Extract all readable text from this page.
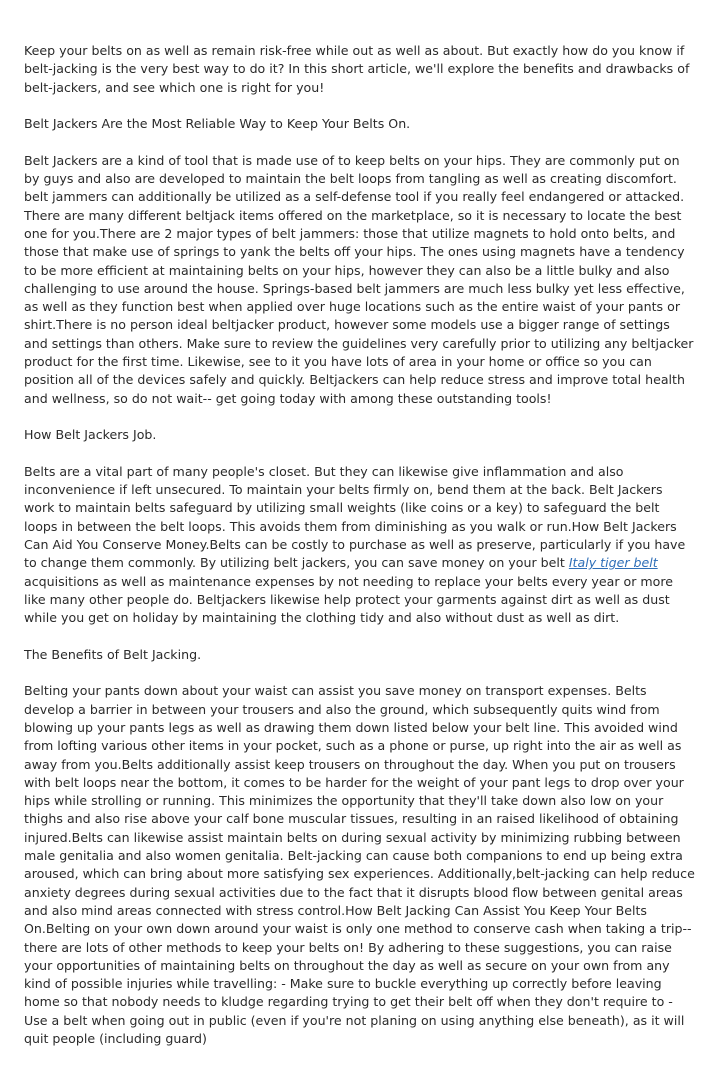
Keep your belts on as well as remain risk-free while out as well as about. But exactly how do you know if belt-jacking is the very best way to do it? In this short article, we'll explore the benefits and drawbacks of belt-jackers, and see which one is right for you!

Belt Jackers Are the Most Reliable Way to Keep Your Belts On.

Belt Jackers are a kind of tool that is made use of to keep belts on your hips. They are commonly put on by guys and also are developed to maintain the belt loops from tangling as well as creating discomfort. belt jammers can additionally be utilized as a self-defense tool if you really feel endangered or attacked. There are many different beltjack items offered on the marketplace, so it is necessary to locate the best one for you.There are 2 major types of belt jammers: those that utilize magnets to hold onto belts, and those that make use of springs to yank the belts off your hips. The ones using magnets have a tendency to be more efficient at maintaining belts on your hips, however they can also be a little bulky and also challenging to use around the house. Springs-based belt jammers are much less bulky yet less effective, as well as they function best when applied over huge locations such as the entire waist of your pants or shirt.There is no person ideal beltjacker product, however some models use a bigger range of settings and settings than others. Make sure to review the guidelines very carefully prior to utilizing any beltjacker product for the first time. Likewise, see to it you have lots of area in your home or office so you can position all of the devices safely and quickly. Beltjackers can help reduce stress and improve total health and wellness, so do not wait-- get going today with among these outstanding tools!

How Belt Jackers Job.

Belts are a vital part of many people's closet. But they can likewise give inflammation and also inconvenience if left unsecured. To maintain your belts firmly on, bend them at the back. Belt Jackers work to maintain belts safeguard by utilizing small weights (like coins or a key) to safeguard the belt loops in between the belt loops. This avoids them from diminishing as you walk or run.How Belt Jackers Can Aid You Conserve Money.Belts can be costly to purchase as well as preserve, particularly if you have to change them commonly. By utilizing belt jackers, you can save money on your belt Italy tiger belt acquisitions as well as maintenance expenses by not needing to replace your belts every year or more like many other people do. Beltjackers likewise help protect your garments against dirt as well as dust while you get on holiday by maintaining the clothing tidy and also without dust as well as dirt.

The Benefits of Belt Jacking.

Belting your pants down about your waist can assist you save money on transport expenses. Belts develop a barrier in between your trousers and also the ground, which subsequently quits wind from blowing up your pants legs as well as drawing them down listed below your belt line. This avoided wind from lofting various other items in your pocket, such as a phone or purse, up right into the air as well as away from you.Belts additionally assist keep trousers on throughout the day. When you put on trousers with belt loops near the bottom, it comes to be harder for the weight of your pant legs to drop over your hips while strolling or running. This minimizes the opportunity that they'll take down also low on your thighs and also rise above your calf bone muscular tissues, resulting in an raised likelihood of obtaining injured.Belts can likewise assist maintain belts on during sexual activity by minimizing rubbing between male genitalia and also women genitalia. Belt-jacking can cause both companions to end up being extra aroused, which can bring about more satisfying sex experiences. Additionally,belt-jacking can help reduce anxiety degrees during sexual activities due to the fact that it disrupts blood flow between genital areas and also mind areas connected with stress control.How Belt Jacking Can Assist You Keep Your Belts On.Belting on your own down around your waist is only one method to conserve cash when taking a trip-- there are lots of other methods to keep your belts on! By adhering to these suggestions, you can raise your opportunities of maintaining belts on throughout the day as well as secure on your own from any kind of possible injuries while travelling: - Make sure to buckle everything up correctly before leaving home so that nobody needs to kludge regarding trying to get their belt off when they don't require to - Use a belt when going out in public (even if you're not planing on using anything else beneath), as it will quit people (including guard)
